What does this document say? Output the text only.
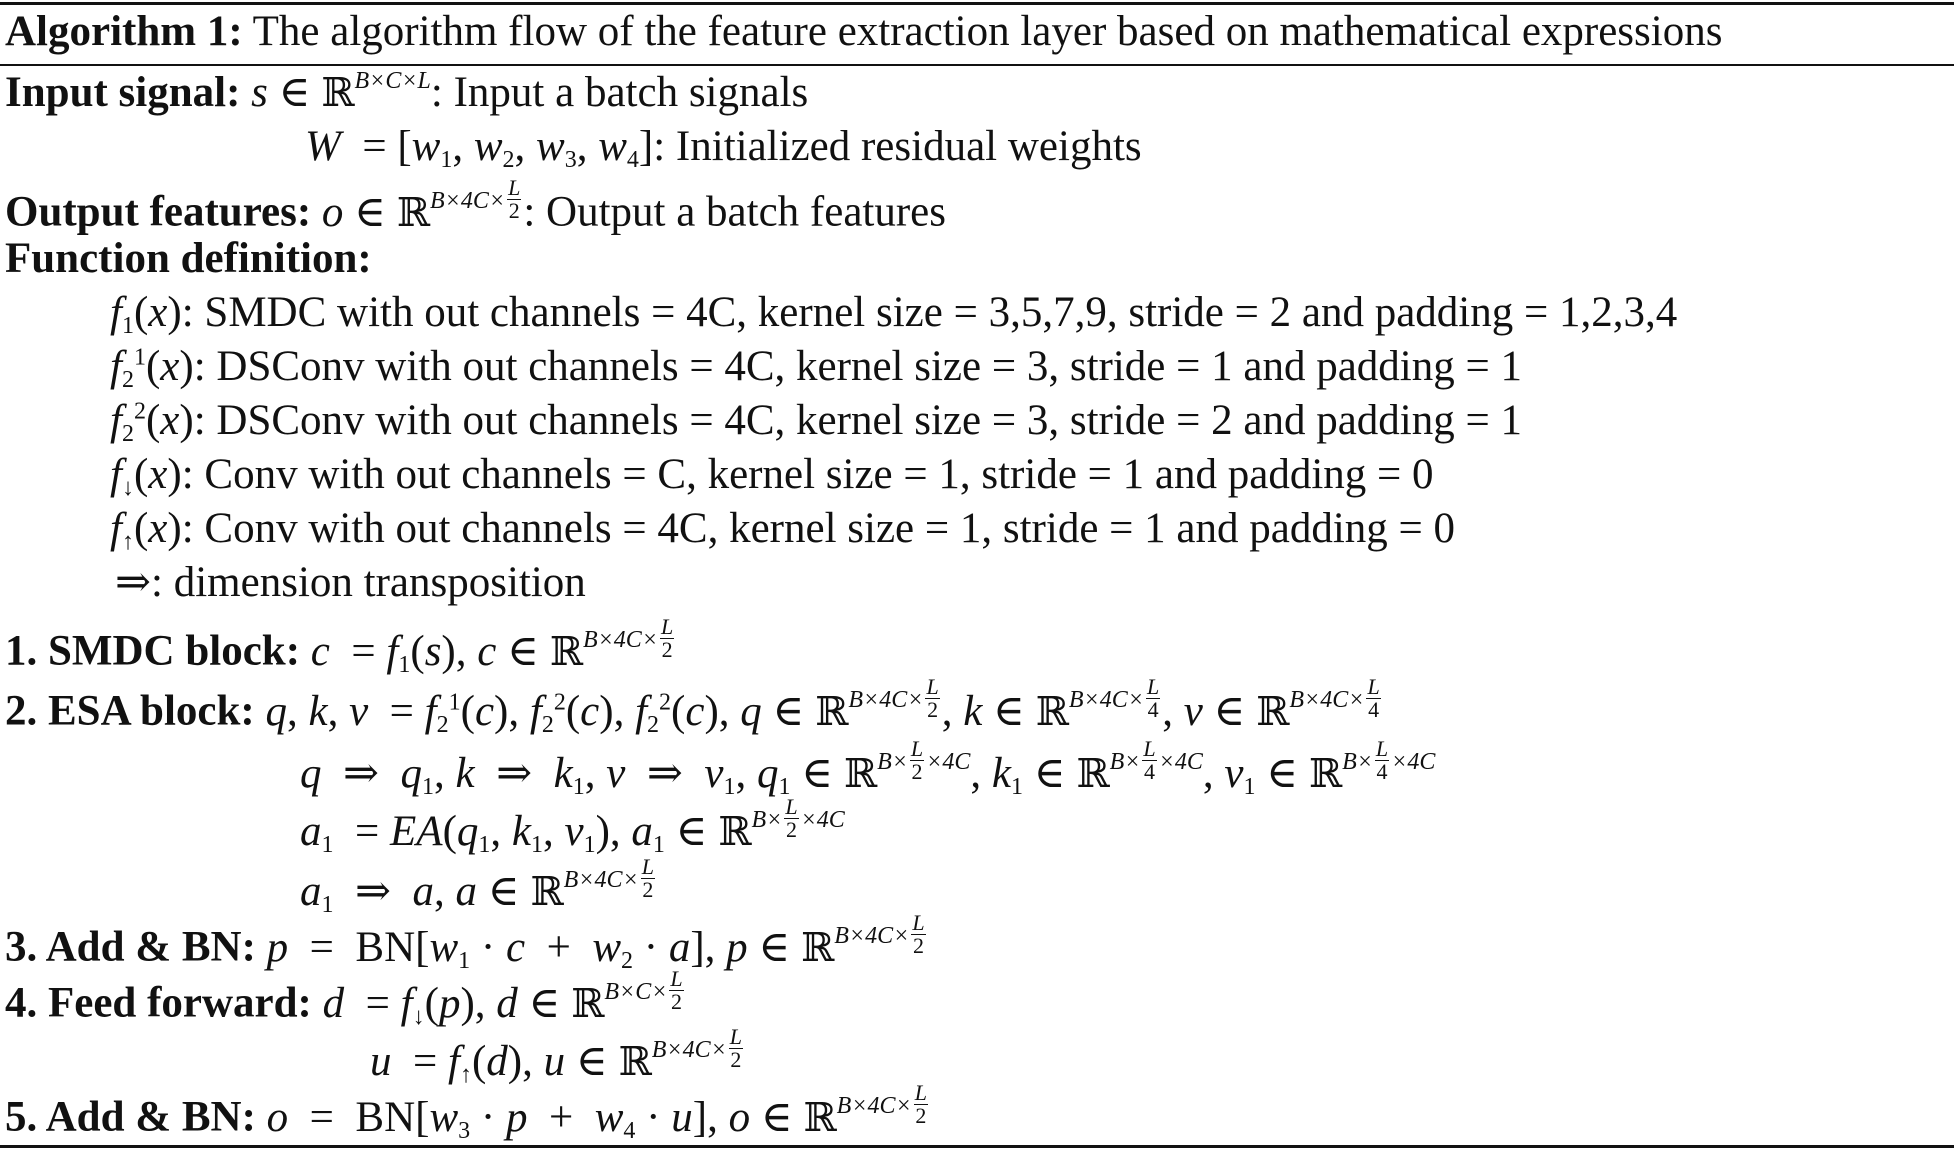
Algorithm 1: The algorithm flow of the feature extraction layer based on mathematical expressions
Input signal: s ∈ ℝ$^{B\times C\times L}$: Input a batch signals
$W = [w_1$, $w_2$, $w_3$, $w_4$]: Initialized residual weights
Output features: o ∈ ℝ$^{B\times 4C\times}$ $\frac{L}{2}$ : Output a batch features
Function definition:
$f_1(x)$: SMDC with out channels = 4C, kernel size = 3,5,7,9, stride = 2 and padding = 1,2,3,4
$f_2^1(x)$: DSConv with out channels = 4C, kernel size = 3, stride = 1 and padding = 1
$f_2^2(x)$: DSConv with out channels = 4C, kernel size = 3, stride = 2 and padding = 1
$f_↓(x)$: Conv with out channels = C, kernel size = 1, stride = 1 and padding = 0
$f_↑(x)$: Conv with out channels = 4C, kernel size = 1, stride = 1 and padding = 0
⇒: dimension transposition
1. SMDC block: $c = f_1(s)$, c ∈ ℝ$^{B\times 4C\times}$ $\frac{L}{2}$
2. ESA block: q, k, $v = f_2^1(c)$, $f_2^2(c)$, $f_2^2(c)$, q ∈ ℝ$^{B\times 4C\times}$ $\frac{L}{2}$ , k ∈ ℝ$^{B\times 4C\times}$ $\frac{L}{4}$ , v ∈ ℝ$^{B\times 4C\times}$ $\frac{L}{4}$
q  ⇒  $q_1$, k  ⇒  $k_1$, v  ⇒  $v_1$, $q_1$ ∈ ℝ$^{B\times}$ $\frac{L}{2} ^{\times 4C}$, $k_1$ ∈ ℝ$^{B\times}$ $\frac{L}{4} ^{\times 4C}$, $v_1$ ∈ ℝ$^{B\times}$ $\frac{L}{4} ^{\times 4C}$
$a_1 = EA(q_1$, $k_1$, $v_1$), $a_1$ ∈ ℝ$^{B\times}$ $\frac{L}{2} ^{\times 4C}$
$a_1$  ⇒  a, a ∈ ℝ$^{B\times 4C\times}$ $\frac{L}{2}$
3. Add & BN: $p = BN[w_1 \cdot c + w_2 \cdot a]$, p ∈ ℝ$^{B\times 4C\times}$ $\frac{L}{2}$
4. Feed forward: $d = f_↓(p)$, d ∈ ℝ$^{B\times C\times}$ $\frac{L}{2}$
$u = f_↑(d)$, u ∈ ℝ$^{B\times 4C\times}$ $\frac{L}{2}$
5. Add & BN: $o = BN[w_3 \cdot p + w_4 \cdot u]$, o ∈ ℝ$^{B\times 4C\times}$ $\frac{L}{2}$
